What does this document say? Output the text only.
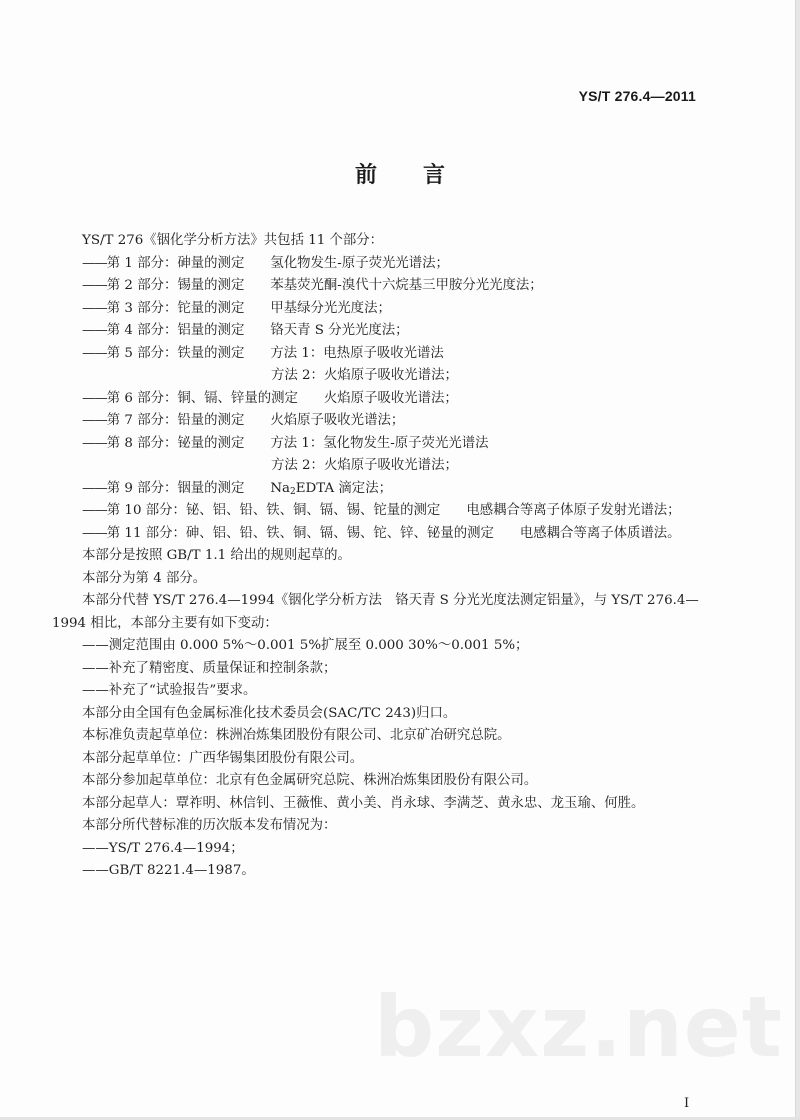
YS/T 276.4—2011
前 言
YS/T 276《铟化学分析方法》共包括 11 个部分：
——第 1 部分：砷量的测定 氢化物发生-原子荧光光谱法；
——第 2 部分：锡量的测定 苯基荧光酮-溴代十六烷基三甲胺分光光度法；
——第 3 部分：铊量的测定 甲基绿分光光度法；
——第 4 部分：铝量的测定 铬天青 S 分光光度法；
——第 5 部分：铁量的测定 方法 1：电热原子吸收光谱法
方法 2：火焰原子吸收光谱法；
——第 6 部分：铜、镉、锌量的测定 火焰原子吸收光谱法；
——第 7 部分：铅量的测定 火焰原子吸收光谱法；
——第 8 部分：铋量的测定 方法 1：氢化物发生-原子荧光光谱法
方法 2：火焰原子吸收光谱法；
——第 9 部分：铟量的测定 $Na_2EDTA$ 滴定法；
——第 10 部分：铋、铝、铅、铁、铜、镉、锡、铊量的测定 电感耦合等离子体原子发射光谱法；
——第 11 部分：砷、铝、铅、铁、铜、镉、锡、铊、锌、铋量的测定 电感耦合等离子体质谱法。
本部分是按照 GB/T 1.1 给出的规则起草的。
本部分为第 4 部分。
本部分代替 YS/T 276.4—1994《铟化学分析方法　铬天青 S 分光光度法测定铝量》，与 YS/T 276.4—
1994 相比，本部分主要有如下变动：
——测定范围由 0.000 5%～0.001 5%扩展至 0.000 30%～0.001 5%；
——补充了精密度、质量保证和控制条款；
——补充了“试验报告”要求。
本部分由全国有色金属标准化技术委员会(SAC/TC 243)归口。
本标准负责起草单位：株洲冶炼集团股份有限公司、北京矿冶研究总院。
本部分起草单位：广西华锡集团股份有限公司。
本部分参加起草单位：北京有色金属研究总院、株洲冶炼集团股份有限公司。
本部分起草人：覃祚明、林信钊、王薇惟、黄小美、肖永球、李满芝、黄永忠、龙玉瑜、何胜。
本部分所代替标准的历次版本发布情况为：
——YS/T 276.4—1994；
——GB/T 8221.4—1987。
bzxz.net
I
